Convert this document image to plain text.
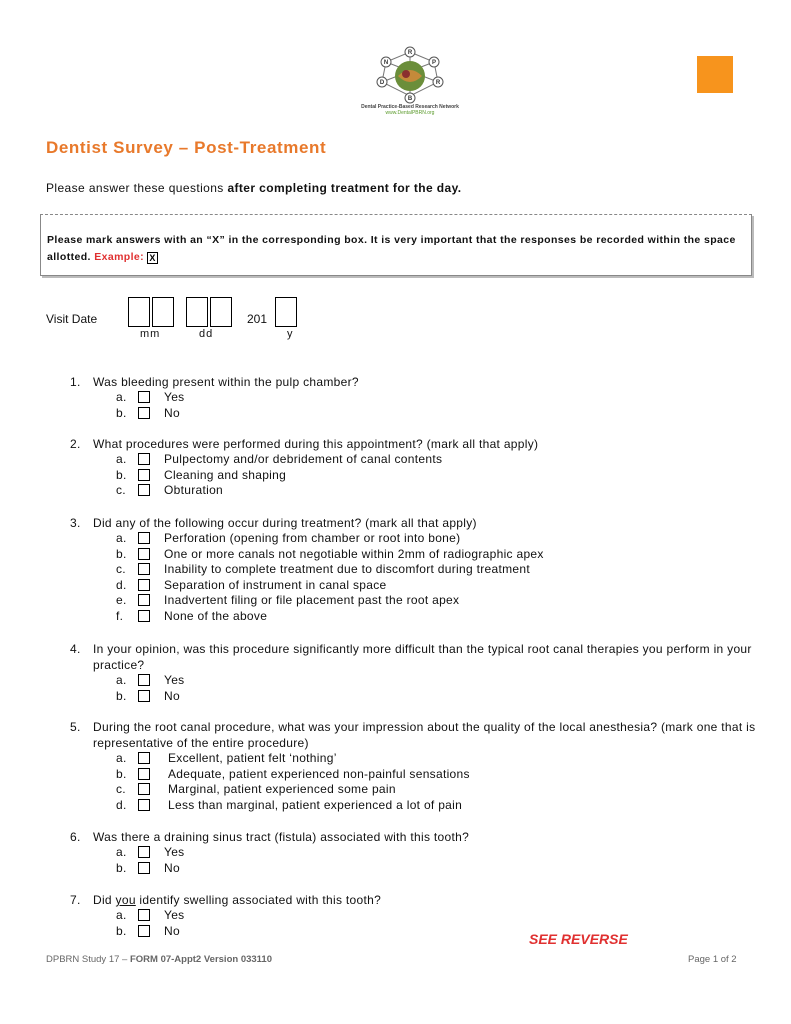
R
P
R
B
D
N
Dental Practice-Based Research Network
www.DentalPBRN.org
Dentist Survey – Post-Treatment
Please answer these questions after completing treatment for the day.
Please mark answers with an “X” in the corresponding box. It is very important that the responses be recorded within the space allotted. Example: X
Visit Date	201
mm	dd	y
1.	Was bleeding present within the pulp chamber?
a.	Yes
b.	No
2.	What procedures were performed during this appointment? (mark all that apply)
a.	Pulpectomy and/or debridement of canal contents
b.	Cleaning and shaping
c.	Obturation
3.	Did any of the following occur during treatment? (mark all that apply)
a.	Perforation (opening from chamber or root into bone)
b.	One or more canals not negotiable within 2mm of radiographic apex
c.	Inability to complete treatment due to discomfort during treatment
d.	Separation of instrument in canal space
e.	Inadvertent filing or file placement past the root apex
f.	None of the above
4.	In your opinion, was this procedure significantly more difficult than the typical root canal therapies you perform in your practice?
a.	Yes
b.	No
5.	During the root canal procedure, what was your impression about the quality of the local anesthesia? (mark one that is representative of the entire procedure)
a.	Excellent, patient felt ‘nothing’
b.	Adequate, patient experienced non-painful sensations
c.	Marginal, patient experienced some pain
d.	Less than marginal, patient experienced a lot of pain
6.	Was there a draining sinus tract (fistula) associated with this tooth?
a.	Yes
b.	No
7.	Did you identify swelling associated with this tooth?
a.	Yes
b.	No
SEE REVERSE
DPBRN Study 17 – FORM 07-Appt2 Version 033110	Page 1 of 2
